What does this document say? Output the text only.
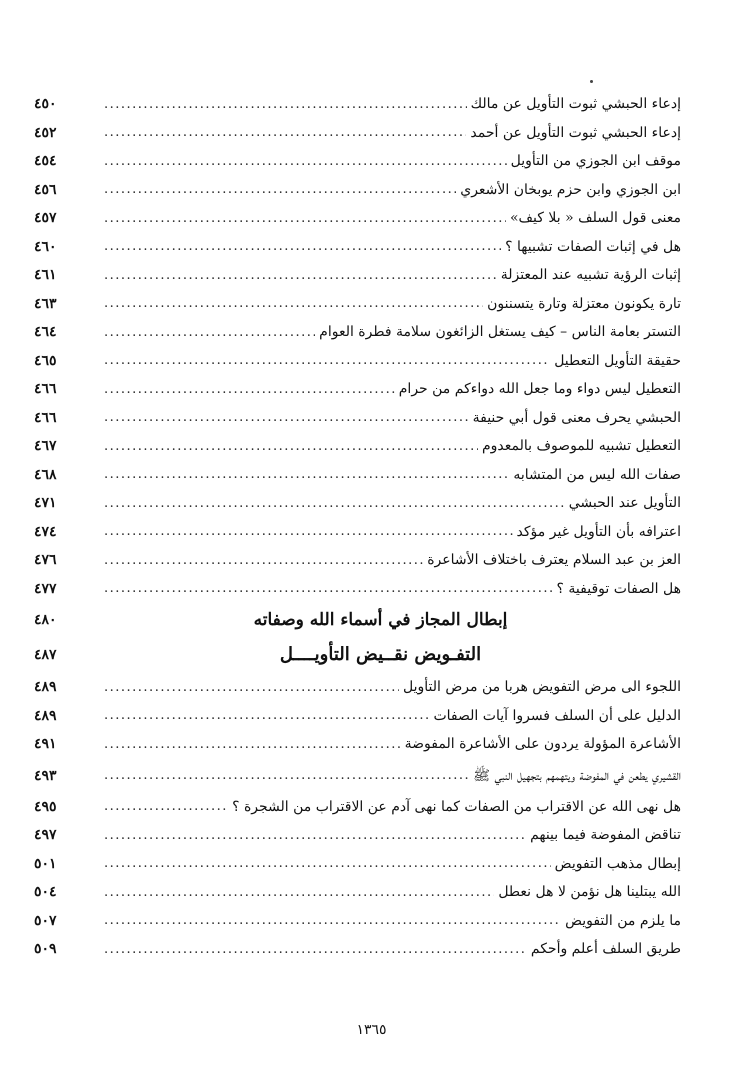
إدعاء الحبشي ثبوت التأويل عن مالك
.....
٤٥٠
إدعاء الحبشي ثبوت التأويل عن أحمد
.....
٤٥٢
موقف ابن الجوزي من التأويل
.....
٤٥٤
ابن الجوزي وابن حزم يوبخان الأشعري
.....
٤٥٦
معنى قول السلف « بلا كيف»
.....
٤٥٧
هل في إثبات الصفات تشبيها ؟
.....
٤٦٠
إثبات الرؤية تشبيه عند المعتزلة
.....
٤٦١
تارة يكونون معتزلة وتارة يتسننون
.....
٤٦٣
التستر بعامة الناس – كيف يستغل الزائغون سلامة فطرة العوام
.....
٤٦٤
حقيقة التأويل التعطيل
.....
٤٦٥
التعطيل ليس دواء وما جعل الله دواءكم من حرام
.....
٤٦٦
الحبشي يحرف معنى قول أبي حنيفة
.....
٤٦٦
التعطيل تشبيه للموصوف بالمعدوم
.....
٤٦٧
صفات الله ليس من المتشابه
.....
٤٦٨
التأويل عند الحبشي
.....
٤٧١
اعترافه بأن التأويل غير مؤكد
.....
٤٧٤
العز بن عبد السلام يعترف باختلاف الأشاعرة
.....
٤٧٦
هل الصفات توقيفية ؟
.....
٤٧٧
إبطال المجاز في أسماء الله وصفاته
٤٨٠
التفـويض نقــيض التأويــــل
٤٨٧
اللجوء الى مرض التفويض هربا من مرض التأويل
.....
٤٨٩
الدليل على أن السلف فسروا آيات الصفات
.....
٤٨٩
الأشاعرة المؤولة يردون على الأشاعرة المفوضة
.....
٤٩١
القشيري يطعن في المفوضة ويتهمهم بتجهيل النبي ﷺ
.....
٤٩٣
هل نهى الله عن الاقتراب من الصفات كما نهى آدم عن الاقتراب من الشجرة ؟
.....
٤٩٥
تناقض المفوضة فيما بينهم
.....
٤٩٧
إبطال مذهب التفويض
.....
٥٠١
الله يبتلينا هل نؤمن لا هل نعطل
.....
٥٠٤
ما يلزم من التفويض
.....
٥٠٧
طريق السلف أعلم وأحكم
.....
٥٠٩
١٣٦٥
